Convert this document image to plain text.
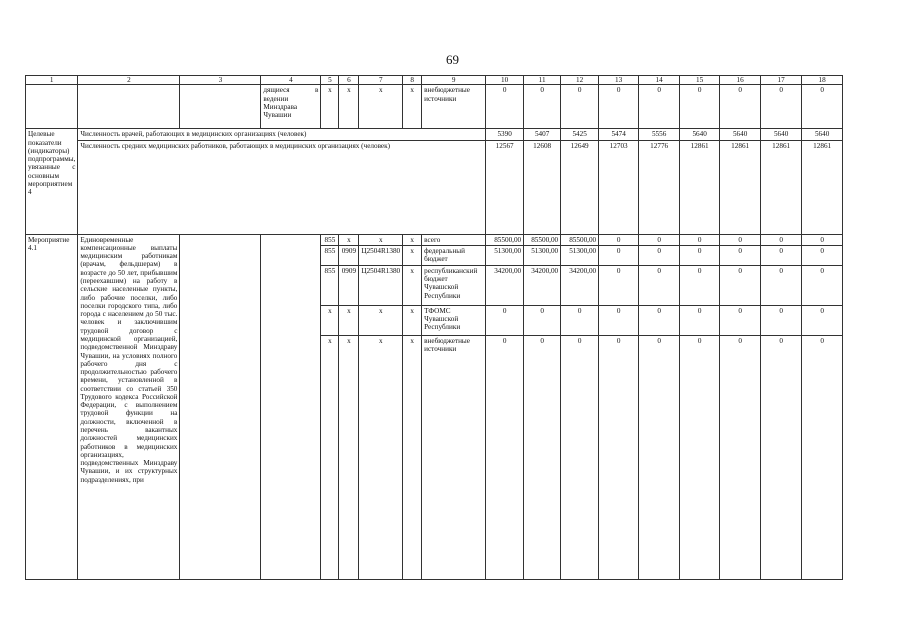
69
1	2	3	4	5	6	7	8	9	10	11	12	13	14	15	16	17	18
			дящиеся в ведении Минздрава Чувашии	x	x	x	x	внебюджетные источники	0	0	0	0	0	0	0	0	0
Целевые показатели (индикаторы) подпрограммы, увязанные с основным мероприятием 4	Численность врачей, работающих в медицинских организациях (человек)								5390	5407	5425	5474	5556	5640	5640	5640	5640
	Численность средних медицинских работников, работающих в медицинских организациях (человек)								12567	12608	12649	12703	12776	12861	12861	12861	12861
Мероприятие 4.1	Единовременные компенсационные выплаты медицинским работникам (врачам, фельдшерам) в возрасте до 50 лет, прибывшим (переехавшим) на работу в сельские населенные пункты, либо рабочие поселки, либо поселки городского типа, либо города с населением до 50 тыс. человек и заключившим трудовой договор с медицинской организацией, подведомственной Минздраву Чувашии, на условиях полного рабочего дня с продолжительностью рабочего времени, установленной в соответствии со статьей 350 Трудового кодекса Российской Федерации, с выполнением трудовой функции на должности, включенной в перечень вакантных должностей медицинских работников в медицинских организациях, подведомственных Минздраву Чувашии, и их структурных подразделениях, при			855	x	x	x	всего	85500,00	85500,00	85500,00	0	0	0	0	0	0
				855	0909	Ц2504R1380	x	федеральный бюджет	51300,00	51300,00	51300,00	0	0	0	0	0	0
				855	0909	Ц2504R1380	x	республиканский бюджет Чувашской Республики	34200,00	34200,00	34200,00	0	0	0	0	0	0
				x	x	x	x	ТФОМС Чувашской Республики	0	0	0	0	0	0	0	0	0
				x	x	x	x	внебюджетные источники	0	0	0	0	0	0	0	0	0
